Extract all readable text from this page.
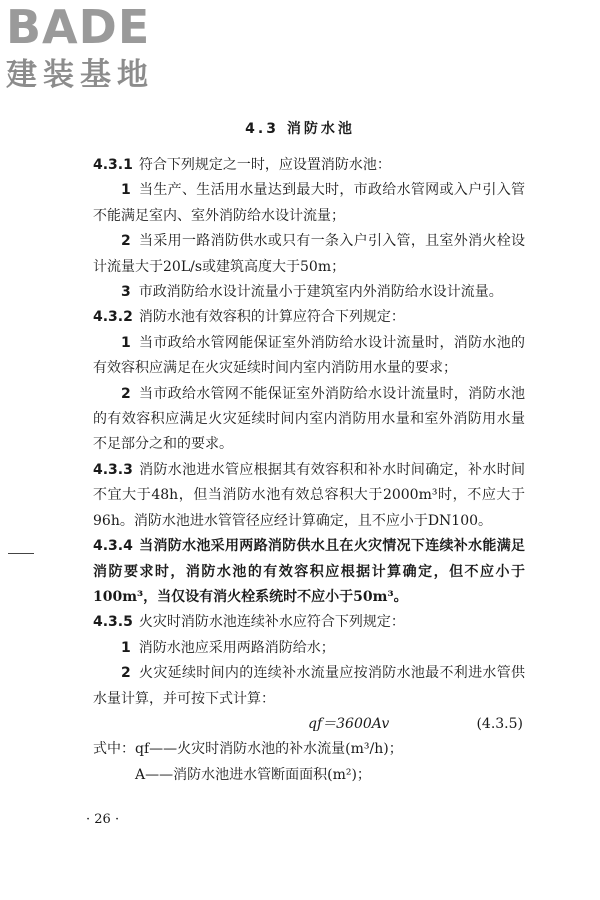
BADE
建装基地
4.3 消防水池

4.3.1 符合下列规定之一时，应设置消防水池：

1 当生产、生活用水量达到最大时，市政给水管网或入户引入管不能满足室内、室外消防给水设计流量；

2 当采用一路消防供水或只有一条入户引入管，且室外消火栓设计流量大于20L/s或建筑高度大于50m；

3 市政消防给水设计流量小于建筑室内外消防给水设计流量。

4.3.2 消防水池有效容积的计算应符合下列规定：

1 当市政给水管网能保证室外消防给水设计流量时，消防水池的有效容积应满足在火灾延续时间内室内消防用水量的要求；

2 当市政给水管网不能保证室外消防给水设计流量时，消防水池的有效容积应满足火灾延续时间内室内消防用水量和室外消防用水量不足部分之和的要求。

4.3.3 消防水池进水管应根据其有效容积和补水时间确定，补水时间不宜大于48h，但当消防水池有效总容积大于2000m³时，不应大于96h。消防水池进水管管径应经计算确定，且不应小于DN100。

4.3.4 当消防水池采用两路消防供水且在火灾情况下连续补水能满足消防要求时，消防水池的有效容积应根据计算确定，但不应小于100m³，当仅设有消火栓系统时不应小于50m³。

4.3.5 火灾时消防水池连续补水应符合下列规定：

1 消防水池应采用两路消防给水；

2 火灾延续时间内的连续补水流量应按消防水池最不利进水管供水量计算，并可按下式计算：

qf＝3600Av	(4.3.5)

式中：qf——火灾时消防水池的补水流量(m³/h)；

A——消防水池进水管断面面积(m²)；

· 26 ·
